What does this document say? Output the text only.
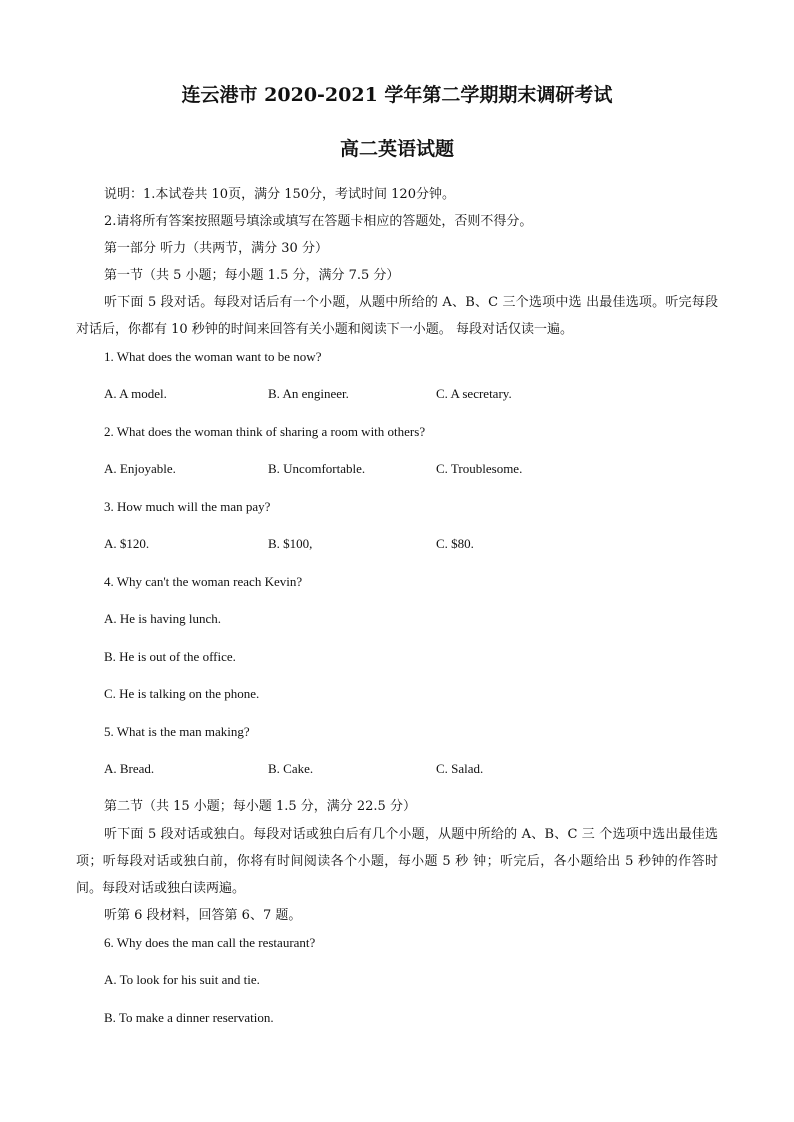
连云港市 2020-2021 学年第二学期期末调研考试
高二英语试题
说明：1.本试卷共 10页，满分 150分，考试时间 120分钟。
2.请将所有答案按照题号填涂或填写在答题卡相应的答题处，否则不得分。
第一部分 听力（共两节，满分 30 分）
第一节（共 5 小题；每小题 1.5 分，满分 7.5 分）
听下面 5 段对话。每段对话后有一个小题，从题中所给的 A、B、C 三个选项中选 出最佳选项。听完每段对话后，你都有 10 秒钟的时间来回答有关小题和阅读下一小题。 每段对话仅读一遍。
1. What does the woman want to be now?
A. A model.	B. An engineer.	C. A secretary.
2. What does the woman think of sharing a room with others?
A. Enjoyable.	B. Uncomfortable.	C. Troublesome.
3. How much will the man pay?
A. $120.	B. $100,	C. $80.
4. Why can't the woman reach Kevin?
A. He is having lunch.
B. He is out of the office.
C. He is talking on the phone.
5. What is the man making?
A. Bread.	B. Cake.	C. Salad.
第二节（共 15 小题；每小题 1.5 分，满分 22.5 分）
听下面 5 段对话或独白。每段对话或独白后有几个小题，从题中所给的 A、B、C 三 个选项中选出最佳选项；听每段对话或独白前，你将有时间阅读各个小题，每小题 5 秒 钟；听完后，各小题给出 5 秒钟的作答时间。每段对话或独白读两遍。
听第 6 段材料，回答第 6、7 题。
6. Why does the man call the restaurant?
A. To look for his suit and tie.
B. To make a dinner reservation.
